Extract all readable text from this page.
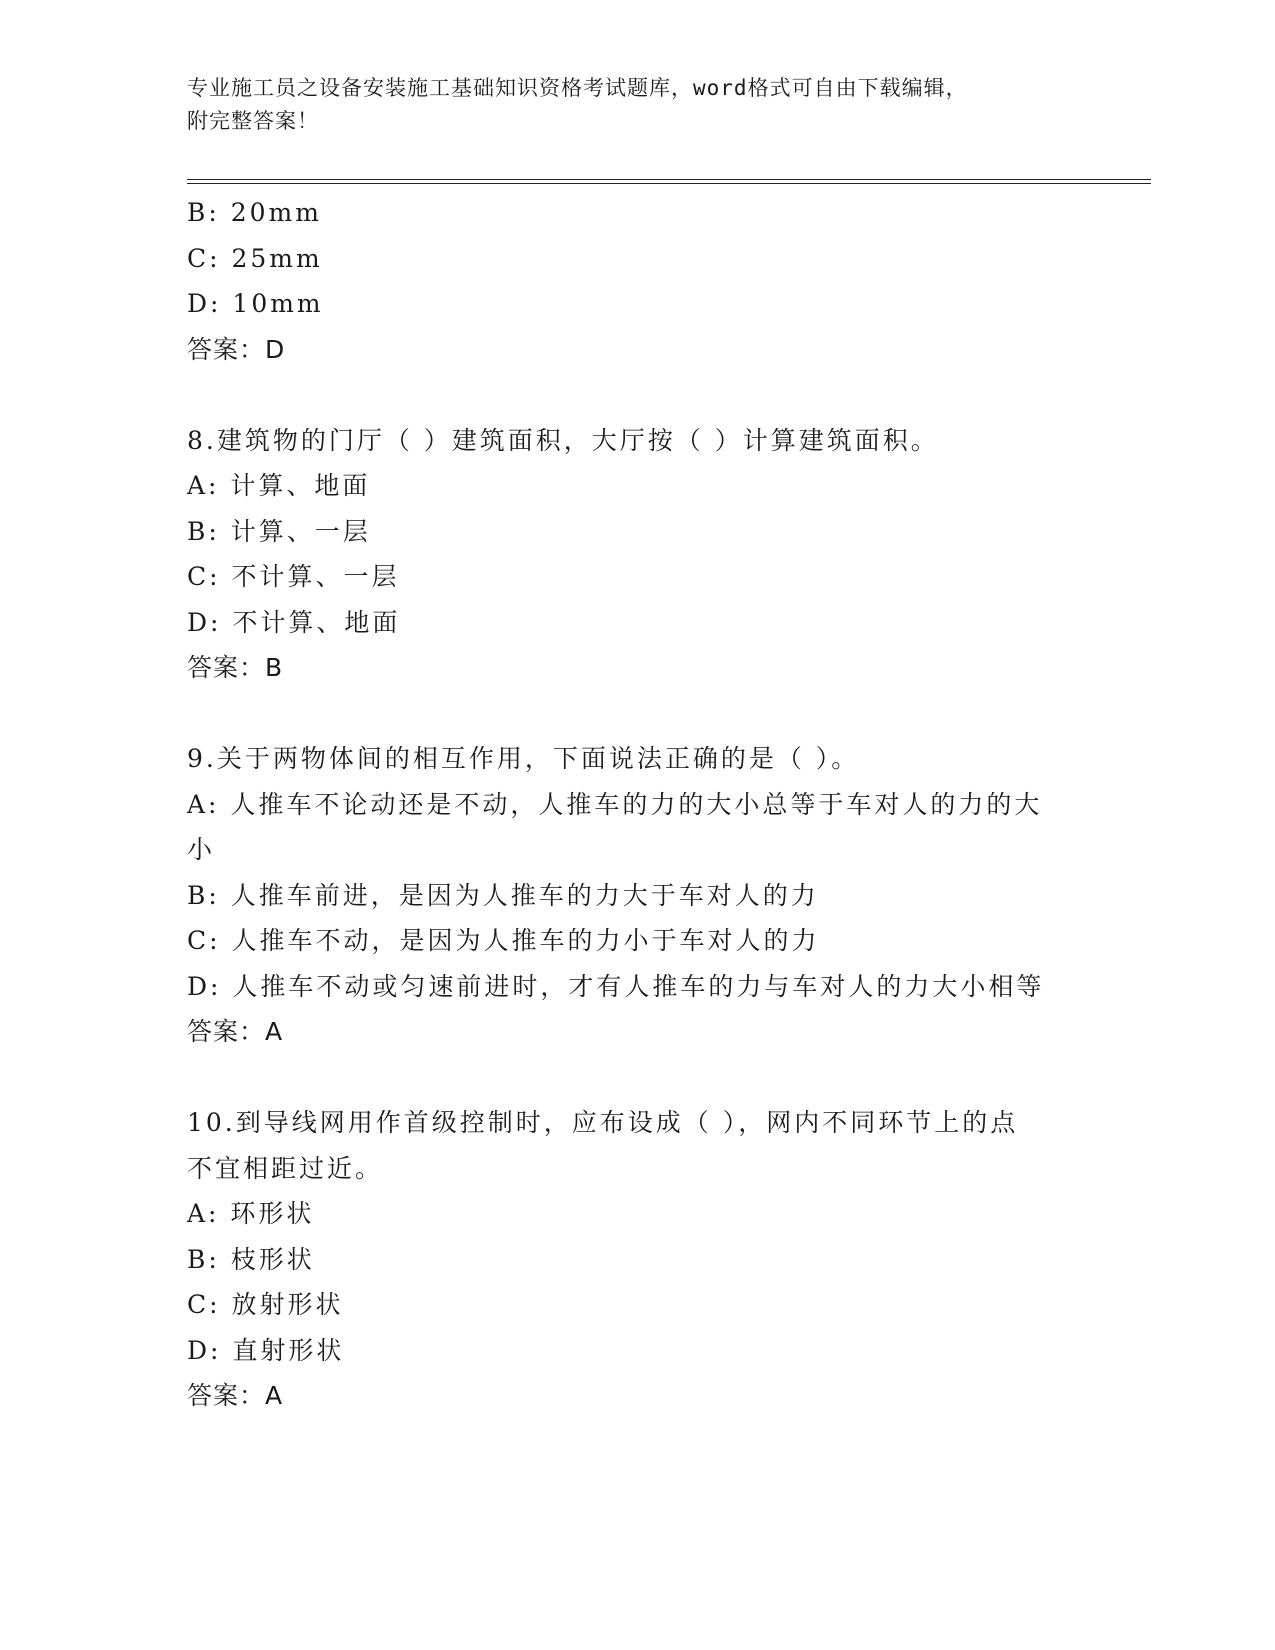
专业施工员之设备安装施工基础知识资格考试题库，word格式可自由下载编辑，
附完整答案！
B: 20mm
C: 25mm
D: 10mm
答案：D
8.建筑物的门厅（ ）建筑面积，大厅按（ ）计算建筑面积。
A: 计算、地面
B: 计算、一层
C: 不计算、一层
D: 不计算、地面
答案：B
9.关于两物体间的相互作用，下面说法正确的是（ ）。
A: 人推车不论动还是不动，人推车的力的大小总等于车对人的力的大
小
B: 人推车前进，是因为人推车的力大于车对人的力
C: 人推车不动，是因为人推车的力小于车对人的力
D: 人推车不动或匀速前进时，才有人推车的力与车对人的力大小相等
答案：A
10.到导线网用作首级控制时，应布设成（ ），网内不同环节上的点
不宜相距过近。
A: 环形状
B: 枝形状
C: 放射形状
D: 直射形状
答案：A
